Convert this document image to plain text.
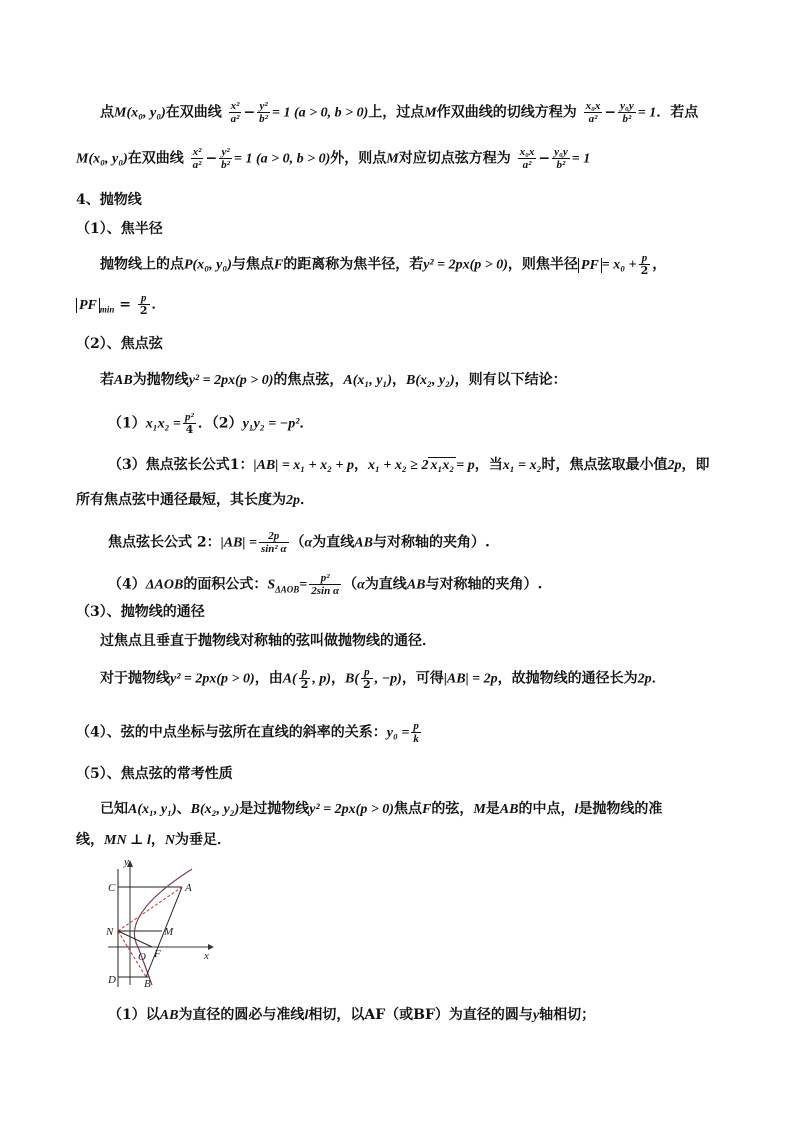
点M(x₀, y₀)在双曲线 $\frac{\text{x²}}{\text{a²}} - \frac{\text{y²}}{\text{b²}} = 1$ (a > 0, b > 0)上，过点M作双曲线的切线方程为 $\frac{\text{x₀x}}{\text{a²}} - \frac{\text{y₀y}}{\text{b²}} = 1$．若点
M(x₀, y₀)在双曲线 $\frac{\text{x²}}{\text{a²}} - \frac{\text{y²}}{\text{b²}} = 1$ (a > 0, b > 0)外，则点M对应切点弦方程为 $\frac{\text{x₀x}}{\text{a²}} - \frac{\text{y₀y}}{\text{b²}} = 1$
4、抛物线
（1）、焦半径
抛物线上的点P(x₀, y₀)与焦点F的距离称为焦半径，若y² = 2px(p > 0)，则焦半径 PF = $x_0 + \frac{p}{2}$ ，
PF $_{min} = \frac{p}{2}$ ．
（2）、焦点弦
若AB为抛物线y² = 2px(p > 0)的焦点弦，A(x₁, y₁)，B(x₂, y₂)，则有以下结论：
$(1)x_1x_2 = \frac{\text{p²}}{4}$ ．（2）y₁y₂ = −p²．
（3）焦点弦长公式1：|AB| = x₁ + x₂ + p，x₁ + x₂ ≥ 2 x₁x₂ = p，当x₁ = x₂时，焦点弦取最小值2p，即
所有焦点弦中通径最短，其长度为2p．
焦点弦长公式 2：$|AB| = \frac{2p}{\text{sin² α}} (\alpha$为直线AB与对称轴的夹角）.
（4）ΔAOB的面积公式：$S_{\Delta AOB}= \frac{\text{p²}}{\text{2sin α}} (\alpha$为直线AB与对称轴的夹角）.
（3）、抛物线的通径
过焦点且垂直于抛物线对称轴的弦叫做抛物线的通径．
对于抛物线y² = 2px(p > 0)，由$A( \frac{p}{2}$ , p)，$B( \frac{p}{2}$ , −p)，可得|AB| = 2p，故抛物线的通径长为2p．
（4）、弦的中点坐标与弦所在直线的斜率的关系：$y_0 = \frac{p}{k}$
（5）、焦点弦的常考性质
已知A(x₁, y₁)、B(x₂, y₂)是过抛物线y² = 2px(p > 0)焦点F的弦，M是AB的中点，l是抛物线的准
线，MN ⊥ l，N为垂足．
y
x
C	A
N	M
O F
D	B
（1）以AB为直径的圆必与准线l相切，以AF（或BF）为直径的圆与y轴相切；
